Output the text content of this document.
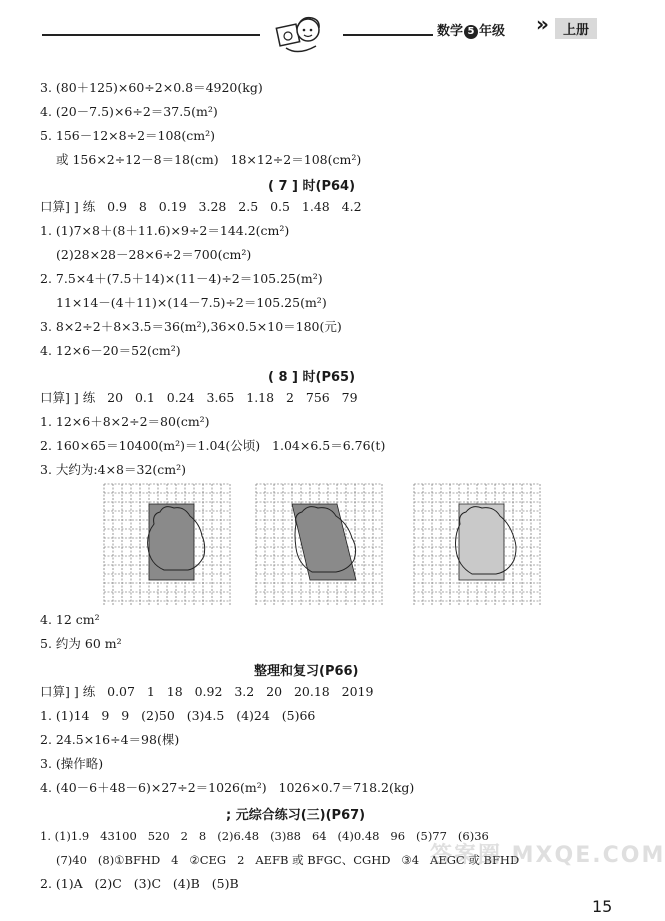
数学 5 年级 »	上册
3. (80＋125)×60÷2×0.8＝4920(kg)
4. (20－7.5)×6÷2＝37.5(m²)
5. 156－12×8÷2＝108(cm²)
或 156×2÷12－8＝18(cm)   18×12÷2＝108(cm²)
( 7 ] 时(P64)
口算] ] 练   0.9   8   0.19   3.28   2.5   0.5   1.48   4.2
1. (1)7×8＋(8＋11.6)×9÷2＝144.2(cm²)
(2)28×28－28×6÷2＝700(cm²)
2. 7.5×4＋(7.5＋14)×(11－4)÷2＝105.25(m²)
11×14－(4＋11)×(14－7.5)÷2＝105.25(m²)
3. 8×2÷2＋8×3.5＝36(m²),36×0.5×10＝180(元)
4. 12×6－20＝52(cm²)
( 8 ] 时(P65)
口算] ] 练   20   0.1   0.24   3.65   1.18   2   756   79
1. 12×6＋8×2÷2＝80(cm²)
2. 160×65＝10400(m²)＝1.04(公顷)   1.04×6.5＝6.76(t)
3. 大约为:4×8＝32(cm²)
4. 12 cm²
5. 约为 60 m²
整理和复习(P66)
口算] ] 练   0.07   1   18   0.92   3.2   20   20.18   2019
1. (1)14   9   9   (2)50   (3)4.5   (4)24   (5)66
2. 24.5×16÷4＝98(棵)
3. (操作略)
4. (40－6＋48－6)×27÷2＝1026(m²)   1026×0.7＝718.2(kg)
; 元综合练习(三)(P67)
1. (1)1.9   43100   520   2   8   (2)6.48   (3)88   64   (4)0.48   96   (5)77   (6)36
(7)40   (8)①BFHD   4   ②CEG   2   AEFB 或 BFGC、CGHD   ③4   AEGC 或 BFHD
2. (1)A   (2)C   (3)C   (4)B   (5)B
答案圈 MXQE.COM
15
